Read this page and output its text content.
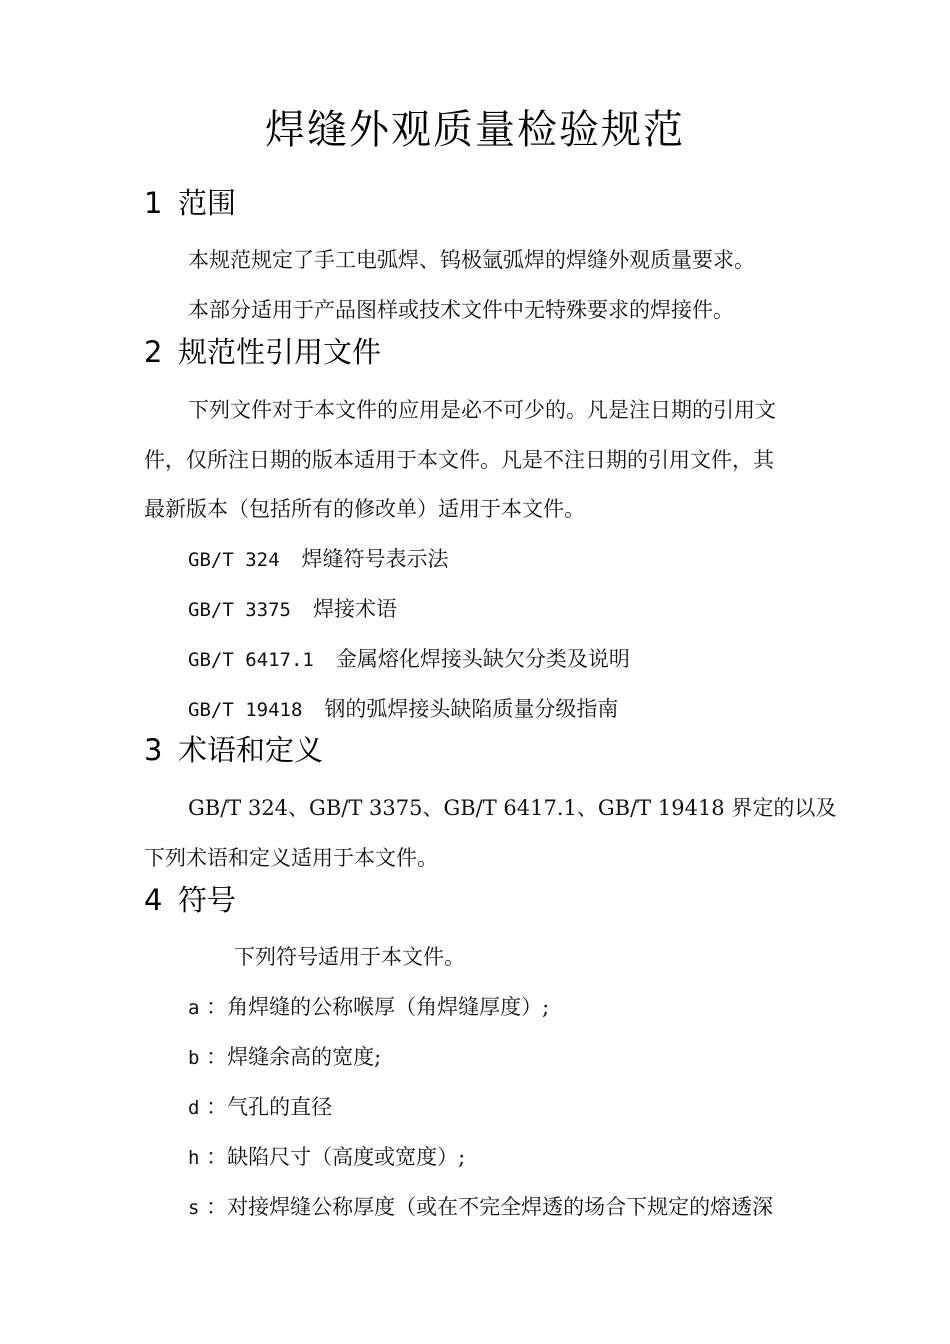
焊缝外观质量检验规范
1 范围
本规范规定了手工电弧焊、钨极氩弧焊的焊缝外观质量要求。
本部分适用于产品图样或技术文件中无特殊要求的焊接件。
2 规范性引用文件
下列文件对于本文件的应用是必不可少的。凡是注日期的引用文
件，仅所注日期的版本适用于本文件。凡是不注日期的引用文件，其
最新版本（包括所有的修改单）适用于本文件。
GB/T 324 焊缝符号表示法
GB/T 3375 焊接术语
GB/T 6417.1 金属熔化焊接头缺欠分类及说明
GB/T 19418 钢的弧焊接头缺陷质量分级指南
3 术语和定义
GB/T 324、GB/T 3375、GB/T 6417.1、GB/T 19418 界定的以及
下列术语和定义适用于本文件。
4 符号
下列符号适用于本文件。
a ：角焊缝的公称喉厚（角焊缝厚度）;
b ：焊缝余高的宽度;
d ：气孔的直径
h ：缺陷尺寸（高度或宽度）;
s ：对接焊缝公称厚度（或在不完全焊透的场合下规定的熔透深
